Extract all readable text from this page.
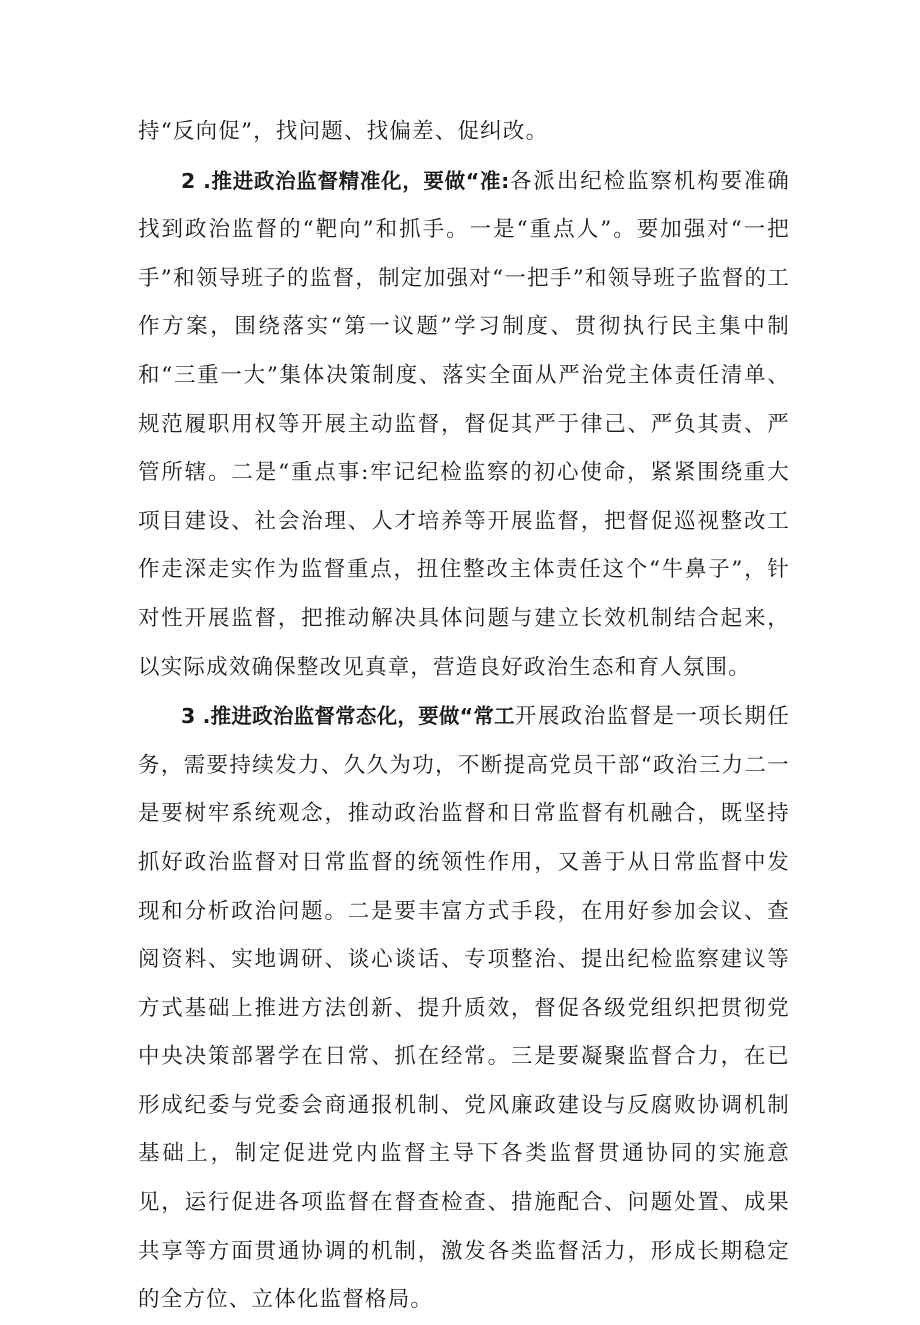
持“反向促”，找问题、找偏差、促纠改。

2 .推进政治监督精准化，要做“准:各派出纪检监察机构要准确找到政治监督的“靶向”和抓手。一是“重点人”。要加强对“一把手”和领导班子的监督，制定加强对“一把手”和领导班子监督的工作方案，围绕落实“第一议题”学习制度、贯彻执行民主集中制和“三重一大”集体决策制度、落实全面从严治党主体责任清单、规范履职用权等开展主动监督，督促其严于律己、严负其责、严管所辖。二是“重点事:牢记纪检监察的初心使命，紧紧围绕重大项目建设、社会治理、人才培养等开展监督，把督促巡视整改工作走深走实作为监督重点，扭住整改主体责任这个“牛鼻子”，针对性开展监督，把推动解决具体问题与建立长效机制结合起来，以实际成效确保整改见真章，营造良好政治生态和育人氛围。

3 .推进政治监督常态化，要做“常工开展政治监督是一项长期任务，需要持续发力、久久为功，不断提高党员干部“政治三力二一是要树牢系统观念，推动政治监督和日常监督有机融合，既坚持抓好政治监督对日常监督的统领性作用，又善于从日常监督中发现和分析政治问题。二是要丰富方式手段，在用好参加会议、查阅资料、实地调研、谈心谈话、专项整治、提出纪检监察建议等方式基础上推进方法创新、提升质效，督促各级党组织把贯彻党中央决策部署学在日常、抓在经常。三是要凝聚监督合力，在已形成纪委与党委会商通报机制、党风廉政建设与反腐败协调机制基础上，制定促进党内监督主导下各类监督贯通协同的实施意见，运行促进各项监督在督查检查、措施配合、问题处置、成果共享等方面贯通协调的机制，激发各类监督活力，形成长期稳定的全方位、立体化监督格局。
